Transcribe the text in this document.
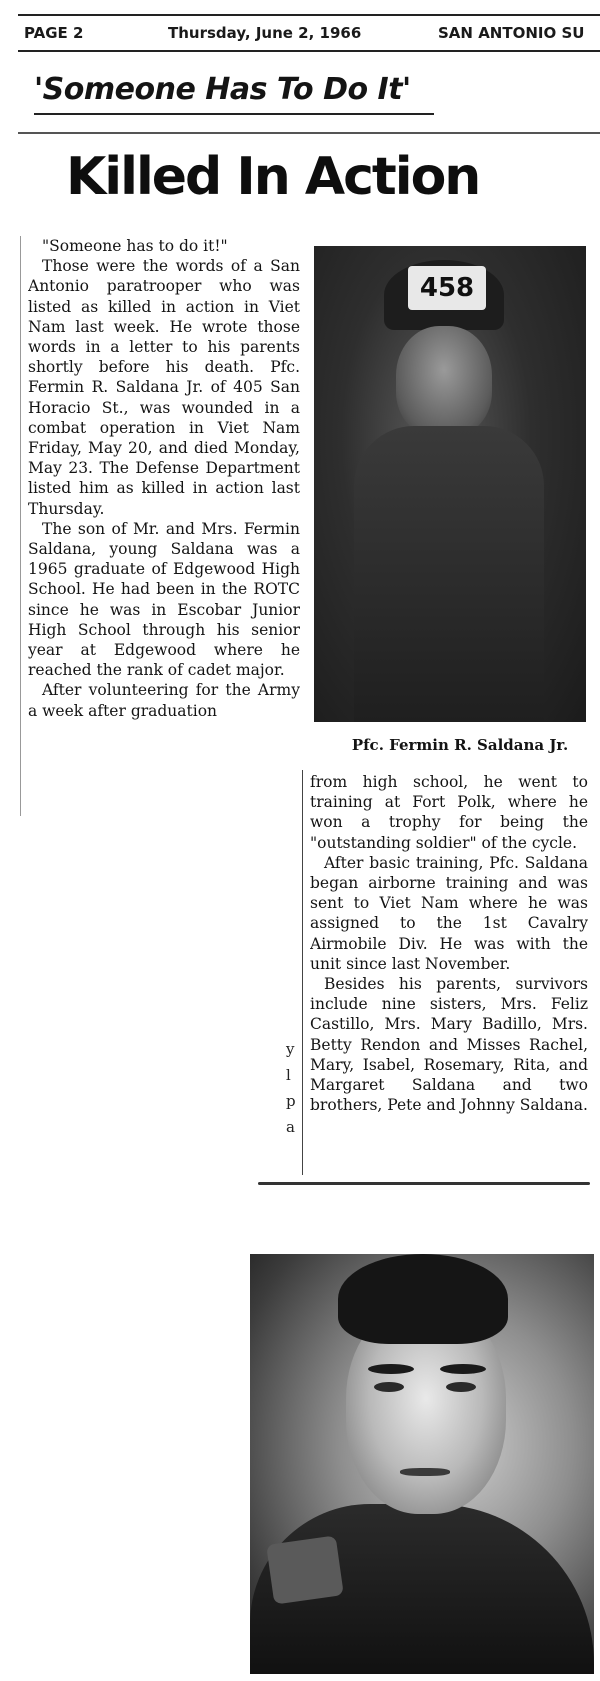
PAGE 2	Thursday, June 2, 1966	SAN ANTONIO SU
'Someone Has To Do It'
Killed In Action

"Someone has to do it!"

Those were the words of a San Antonio paratrooper who was listed as killed in action in Viet Nam last week. He wrote those words in a letter to his parents shortly before his death. Pfc. Fermin R. Saldana Jr. of 405 San Horacio St., was wounded in a combat operation in Viet Nam Friday, May 20, and died Monday, May 23. The Defense Department listed him as killed in action last Thursday.

The son of Mr. and Mrs. Fermin Saldana, young Saldana was a 1965 graduate of Edgewood High School. He had been in the ROTC since he was in Escobar Junior High School through his senior year at Edgewood where he reached the rank of cadet major.

After volunteering for the Army a week after graduation

458
Pfc. Fermin R. Saldana Jr.

from high school, he went to training at Fort Polk, where he won a trophy for being the "outstanding soldier" of the cycle.

After basic training, Pfc. Saldana began airborne training and was sent to Viet Nam where he was assigned to the 1st Cavalry Airmobile Div. He was with the unit since last November.

Besides his parents, survivors include nine sisters, Mrs. Feliz Castillo, Mrs. Mary Badillo, Mrs. Betty Rendon and Misses Rachel, Mary, Isabel, Rosemary, Rita, and Margaret Saldana and two brothers, Pete and Johnny Saldana.

y
l
p
a
